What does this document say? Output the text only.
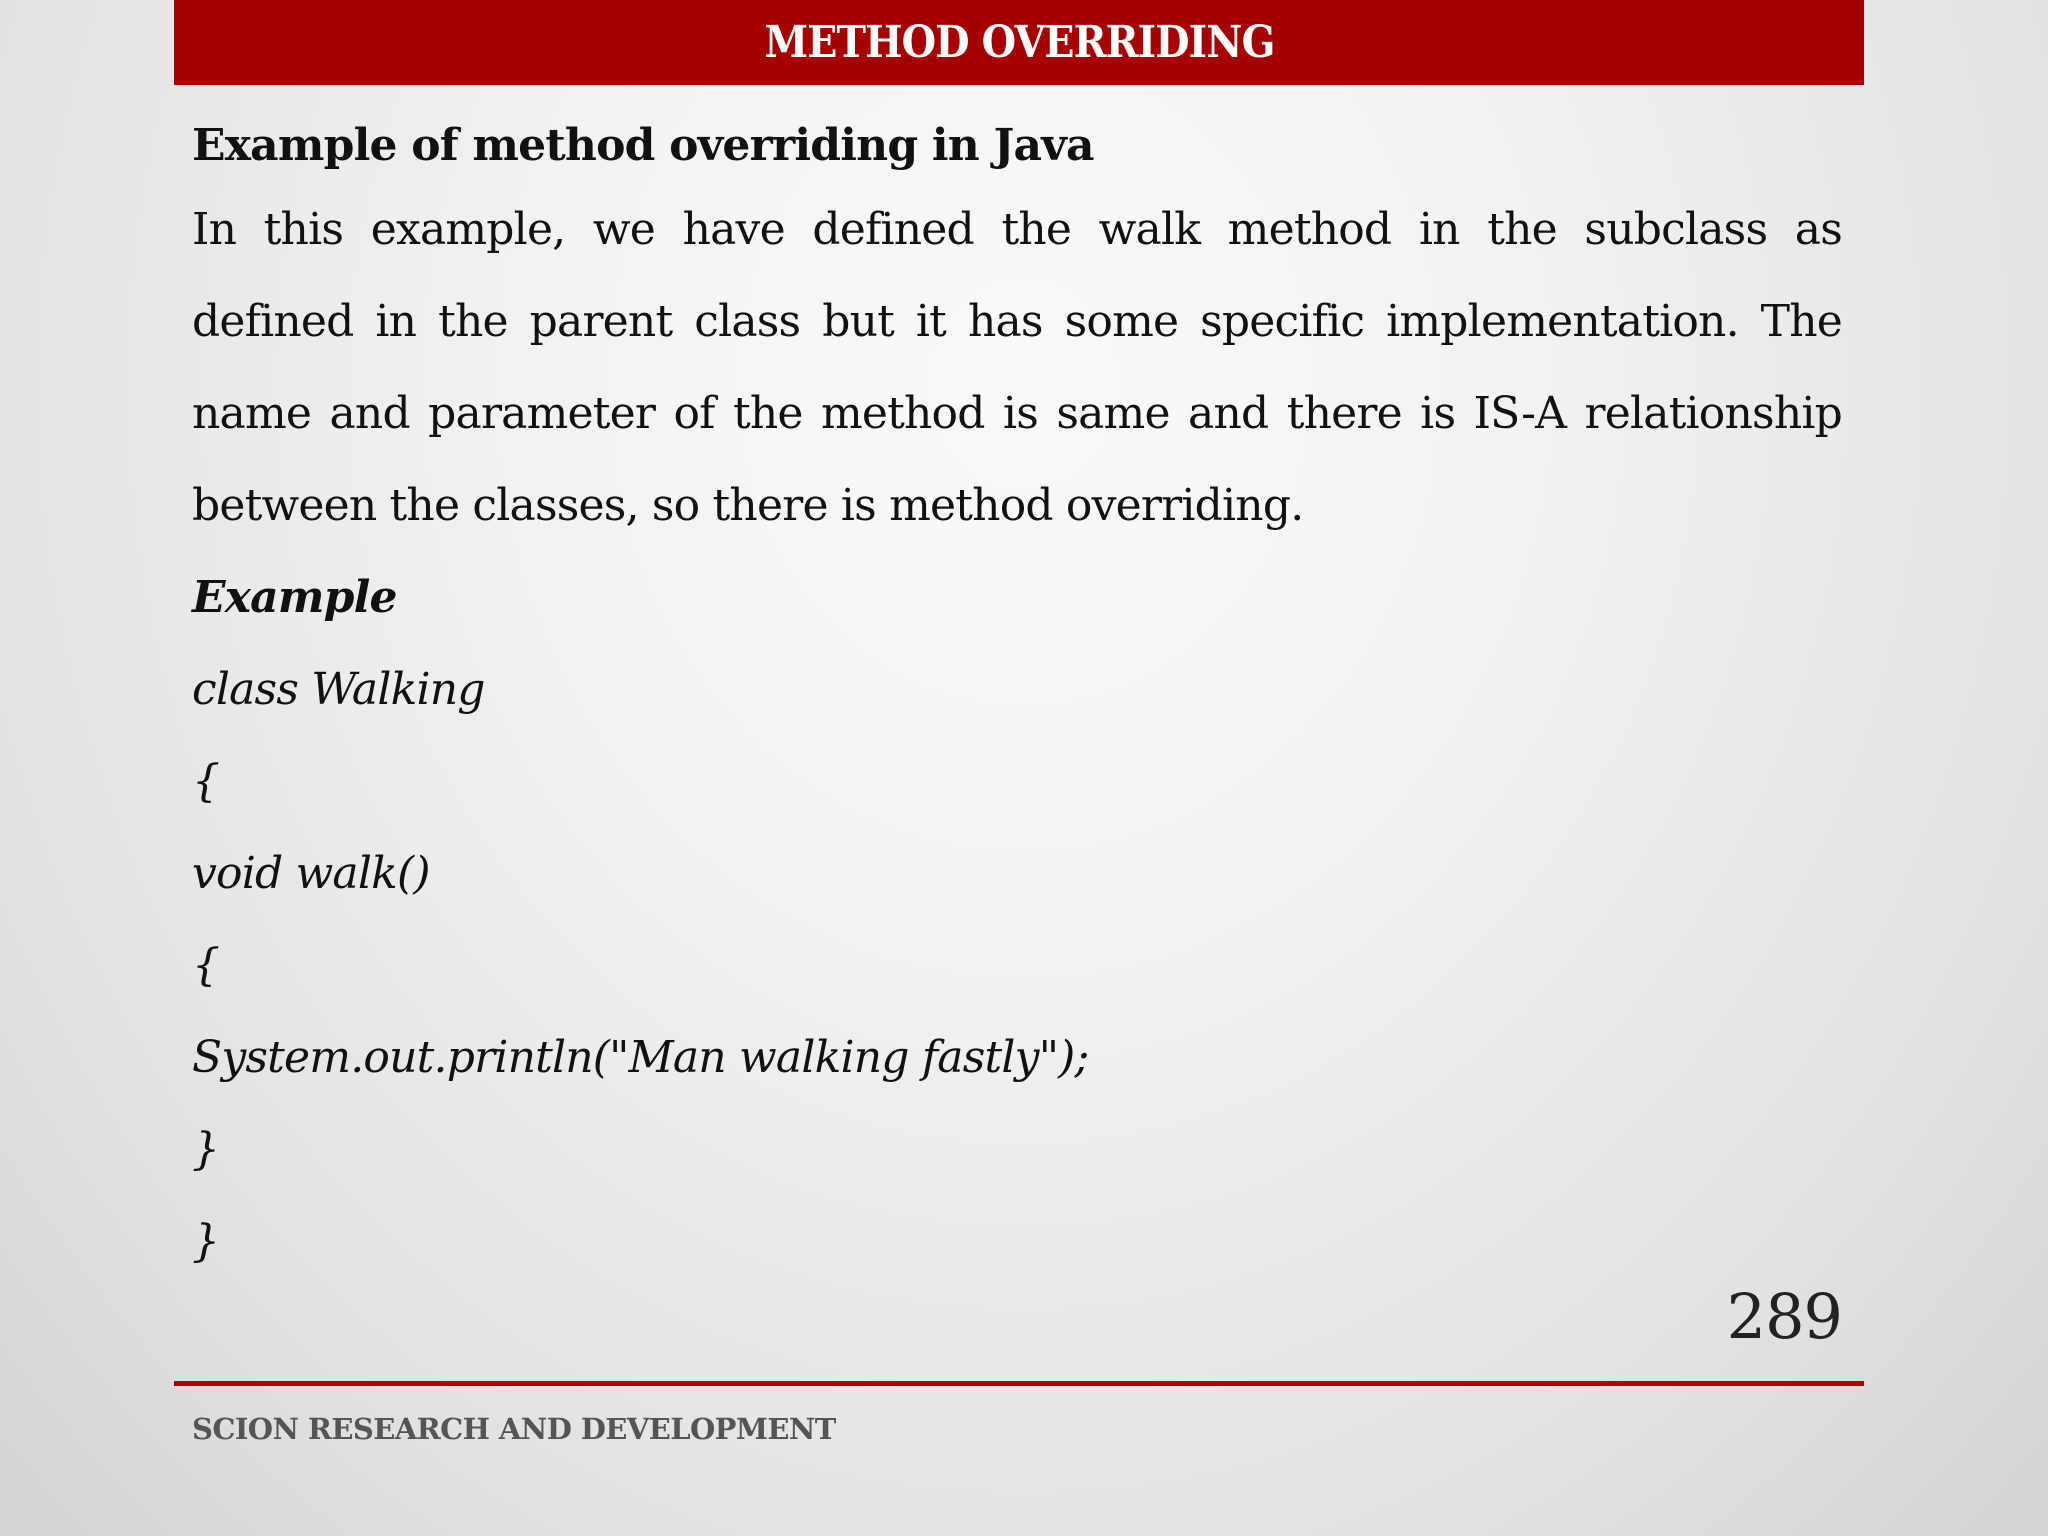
METHOD OVERRIDING
Example of method overriding in Java

In this example, we have defined the walk method in the subclass as defined in the parent class but it has some specific implementation. The name and parameter of the method is same and there is IS-A relationship between the classes, so there is method overriding.

Example
class Walking
{
void walk()
{
System.out.println("Man walking fastly");
}
}
289
SCION RESEARCH AND DEVELOPMENT
